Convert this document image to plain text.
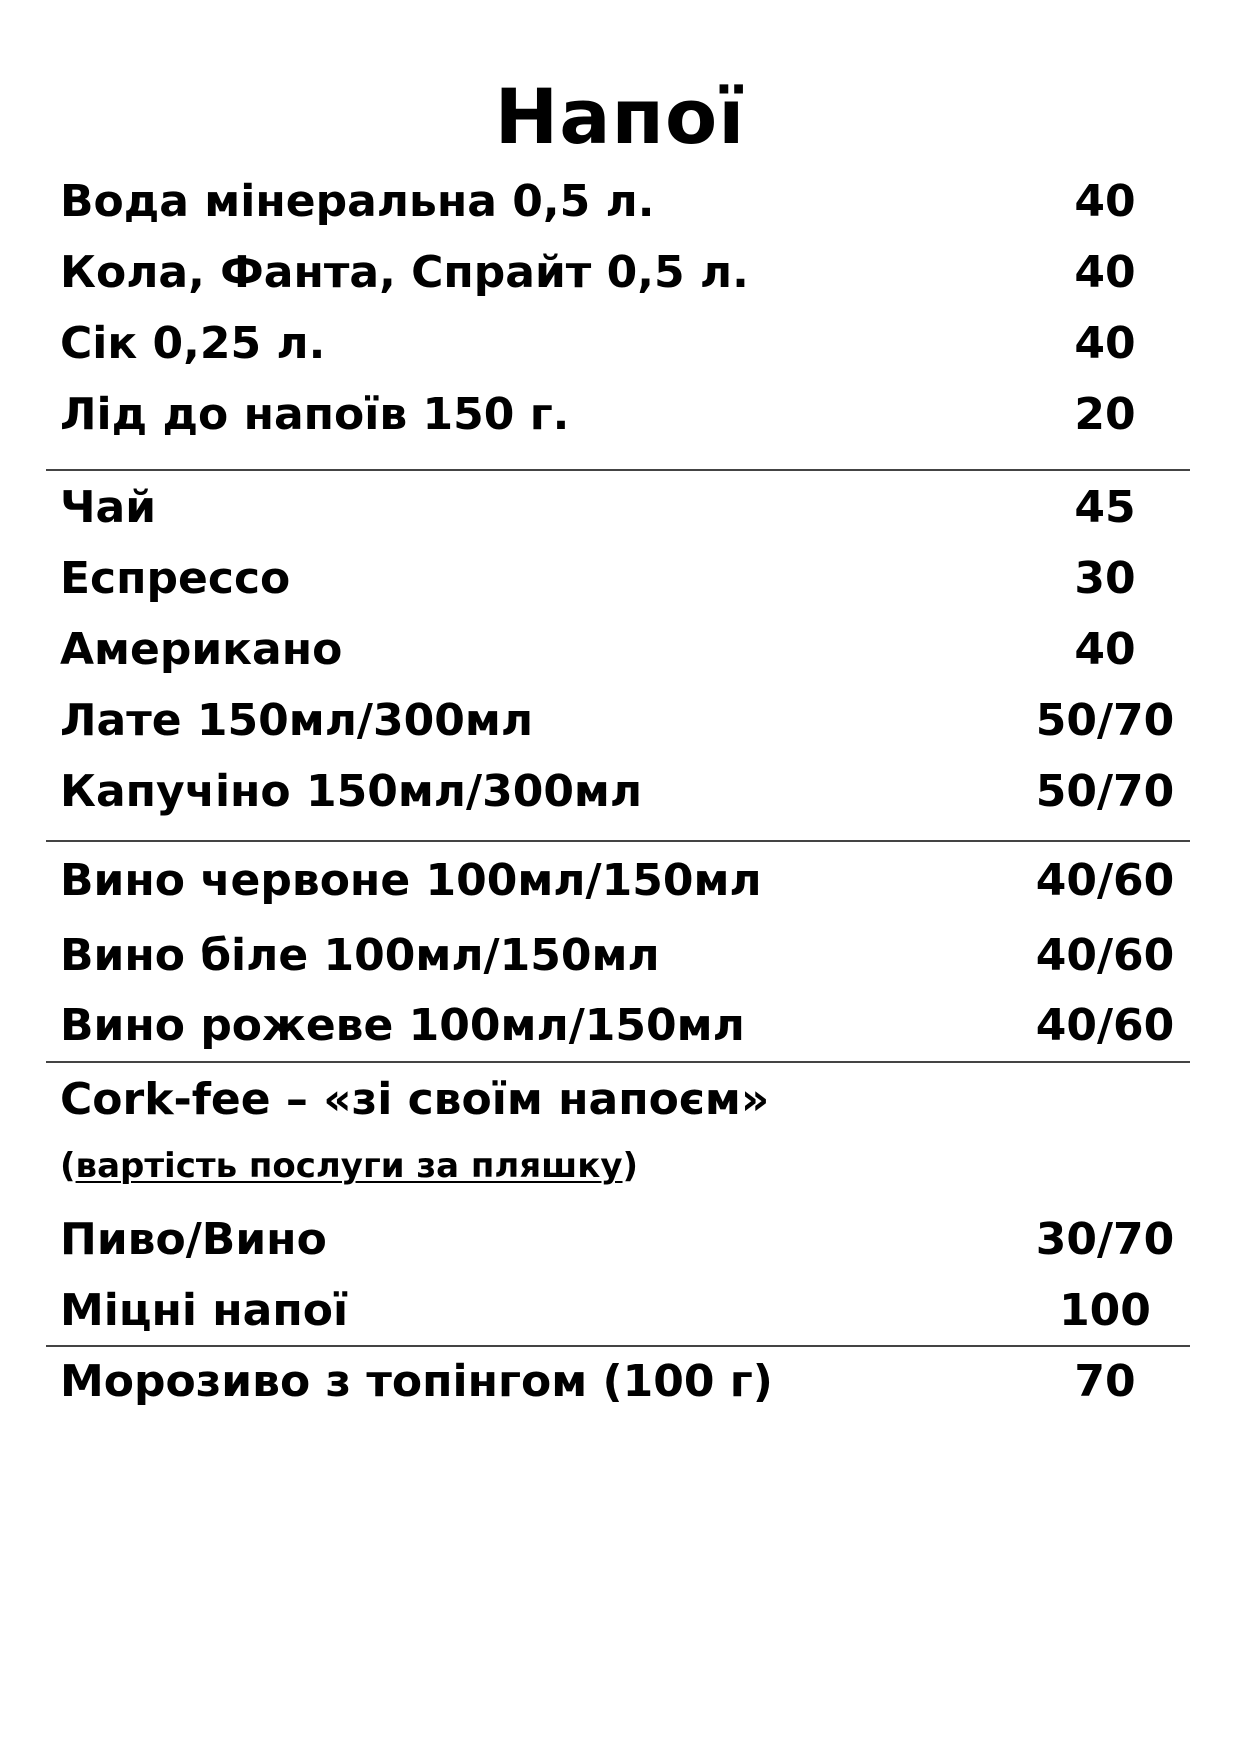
Напої
Вода мінеральна 0,5 л.	40
Кола, Фанта, Спрайт 0,5 л.	40
Сік 0,25 л.	40
Лід до напоїв 150 г.	20
Чай	45
Еспрессо	30
Американо	40
Лате 150мл/300мл	50/70
Капучіно 150мл/300мл	50/70
Вино червоне 100мл/150мл	40/60
Вино біле 100мл/150мл	40/60
Вино рожеве 100мл/150мл	40/60
Cork-fee – «зі своїм напоєм»
(вартість послуги за пляшку)
Пиво/Вино	30/70
Міцні напої	100
Морозиво з топінгом (100 г)	70
